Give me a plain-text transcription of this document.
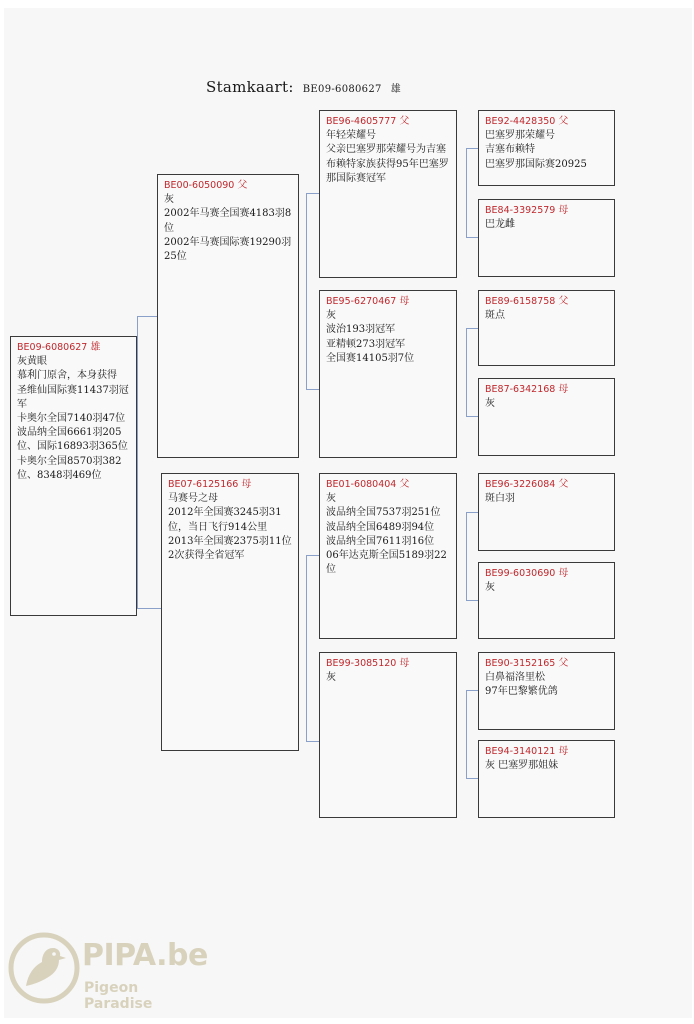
Stamkaart: BE09-6080627 雄
BE09-6080627 雄
灰黄眼
慕利门原舍，本身获得
圣维仙国际赛11437羽冠军
卡奥尔全国7140羽47位
波品纳全国6661羽205位、国际16893羽365位
卡奥尔全国8570羽382位、8348羽469位
BE00-6050090 父
灰
2002年马赛全国赛4183羽8位
2002年马赛国际赛19290羽25位
BE07-6125166 母
马赛号之母
2012年全国赛3245羽31位，当日飞行914公里
2013年全国赛2375羽11位
2次获得全省冠军
BE96-4605777 父
年轻荣耀号
父亲巴塞罗那荣耀号为吉塞布赖特家族获得95年巴塞罗那国际赛冠军
BE95-6270467 母
灰
波治193羽冠军
亚精顿273羽冠军
全国赛14105羽7位
BE01-6080404 父
灰
波品纳全国7537羽251位
波品纳全国6489羽94位
波品纳全国7611羽16位
06年达克斯全国5189羽22位
BE99-3085120 母
灰
BE92-4428350 父
巴塞罗那荣耀号
吉塞布赖特
巴塞罗那国际赛20925
BE84-3392579 母
巴龙雌
BE89-6158758 父
斑点
BE87-6342168 母
灰
BE96-3226084 父
斑白羽
BE99-6030690 母
灰
BE90-3152165 父
白鼻福洛里松
97年巴黎繁优鸽
BE94-3140121 母
灰 巴塞罗那姐妹
PIPA.be
Pigeon Paradise
